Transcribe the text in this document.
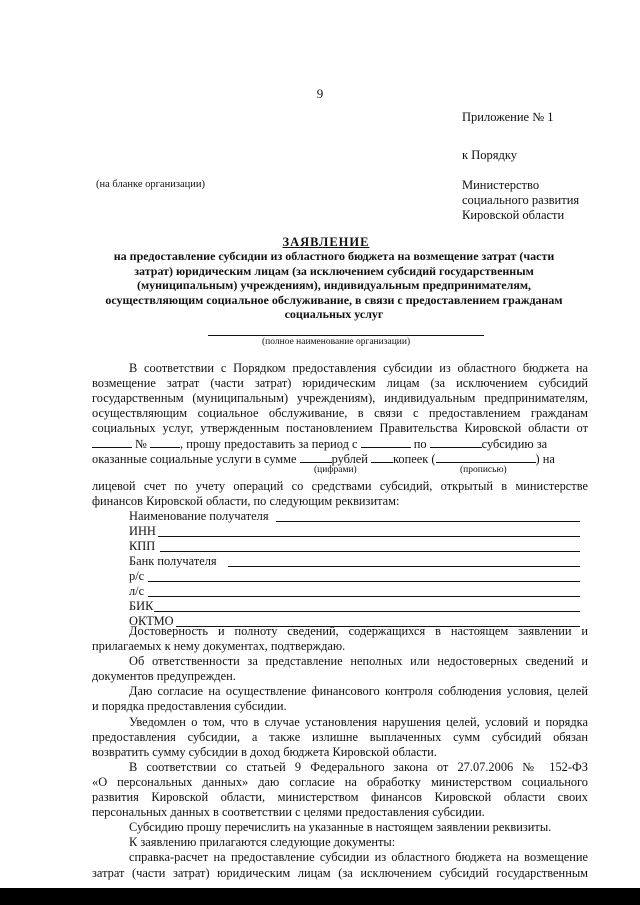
9
Приложение № 1
к Порядку
Министерство
социального развития
Кировской области
(на бланке организации)
ЗАЯВЛЕНИЕ
на предоставление субсидии из областного бюджета на возмещение затрат (части
затрат) юридическим лицам (за исключением субсидий государственным
(муниципальным) учреждениям), индивидуальным предпринимателям,
осуществляющим социальное обслуживание, в связи с предоставлением гражданам
социальных услуг
(полное наименование организации)
В соответствии с Порядком предоставления субсидии из областного бюджета на
возмещение затрат (части затрат) юридическим лицам (за исключением субсидий
государственным (муниципальным) учреждениям), индивидуальным предпринимателям,
осуществляющим социальное обслуживание, в связи с предоставлением гражданам
социальных услуг, утвержденным постановлением Правительства Кировской области от
№	, прошу предоставить за период с	по	субсидию за
оказанные социальные услуги в сумме	рублей копеек (	) на
(цифрами)	(прописью)
лицевой счет по учету операций со средствами субсидий, открытый в министерстве
финансов Кировской области, по следующим реквизитам:
Наименование получателя
ИНН
КПП
Банк получателя
р/с
л/с
БИК
ОКТМО
Достоверность и полноту сведений, содержащихся в настоящем заявлении и
прилагаемых к нему документах, подтверждаю.
Об ответственности за представление неполных или недостоверных сведений и
документов предупрежден.
Даю согласие на осуществление финансового контроля соблюдения условия, целей
и порядка предоставления субсидии.
Уведомлен о том, что в случае установления нарушения целей, условий и порядка
предоставления субсидии, а также излишне выплаченных сумм субсидий обязан
возвратить сумму субсидии в доход бюджета Кировской области.
В соответствии со статьей 9 Федерального закона от 27.07.2006 № 152-ФЗ
«О персональных данных» даю согласие на обработку министерством социального
развития Кировской области, министерством финансов Кировской области своих
персональных данных в соответствии с целями предоставления субсидии.
Субсидию прошу перечислить на указанные в настоящем заявлении реквизиты.
К заявлению прилагаются следующие документы:
справка-расчет на предоставление субсидии из областного бюджета на возмещение
затрат (части затрат) юридическим лицам (за исключением субсидий государственным
